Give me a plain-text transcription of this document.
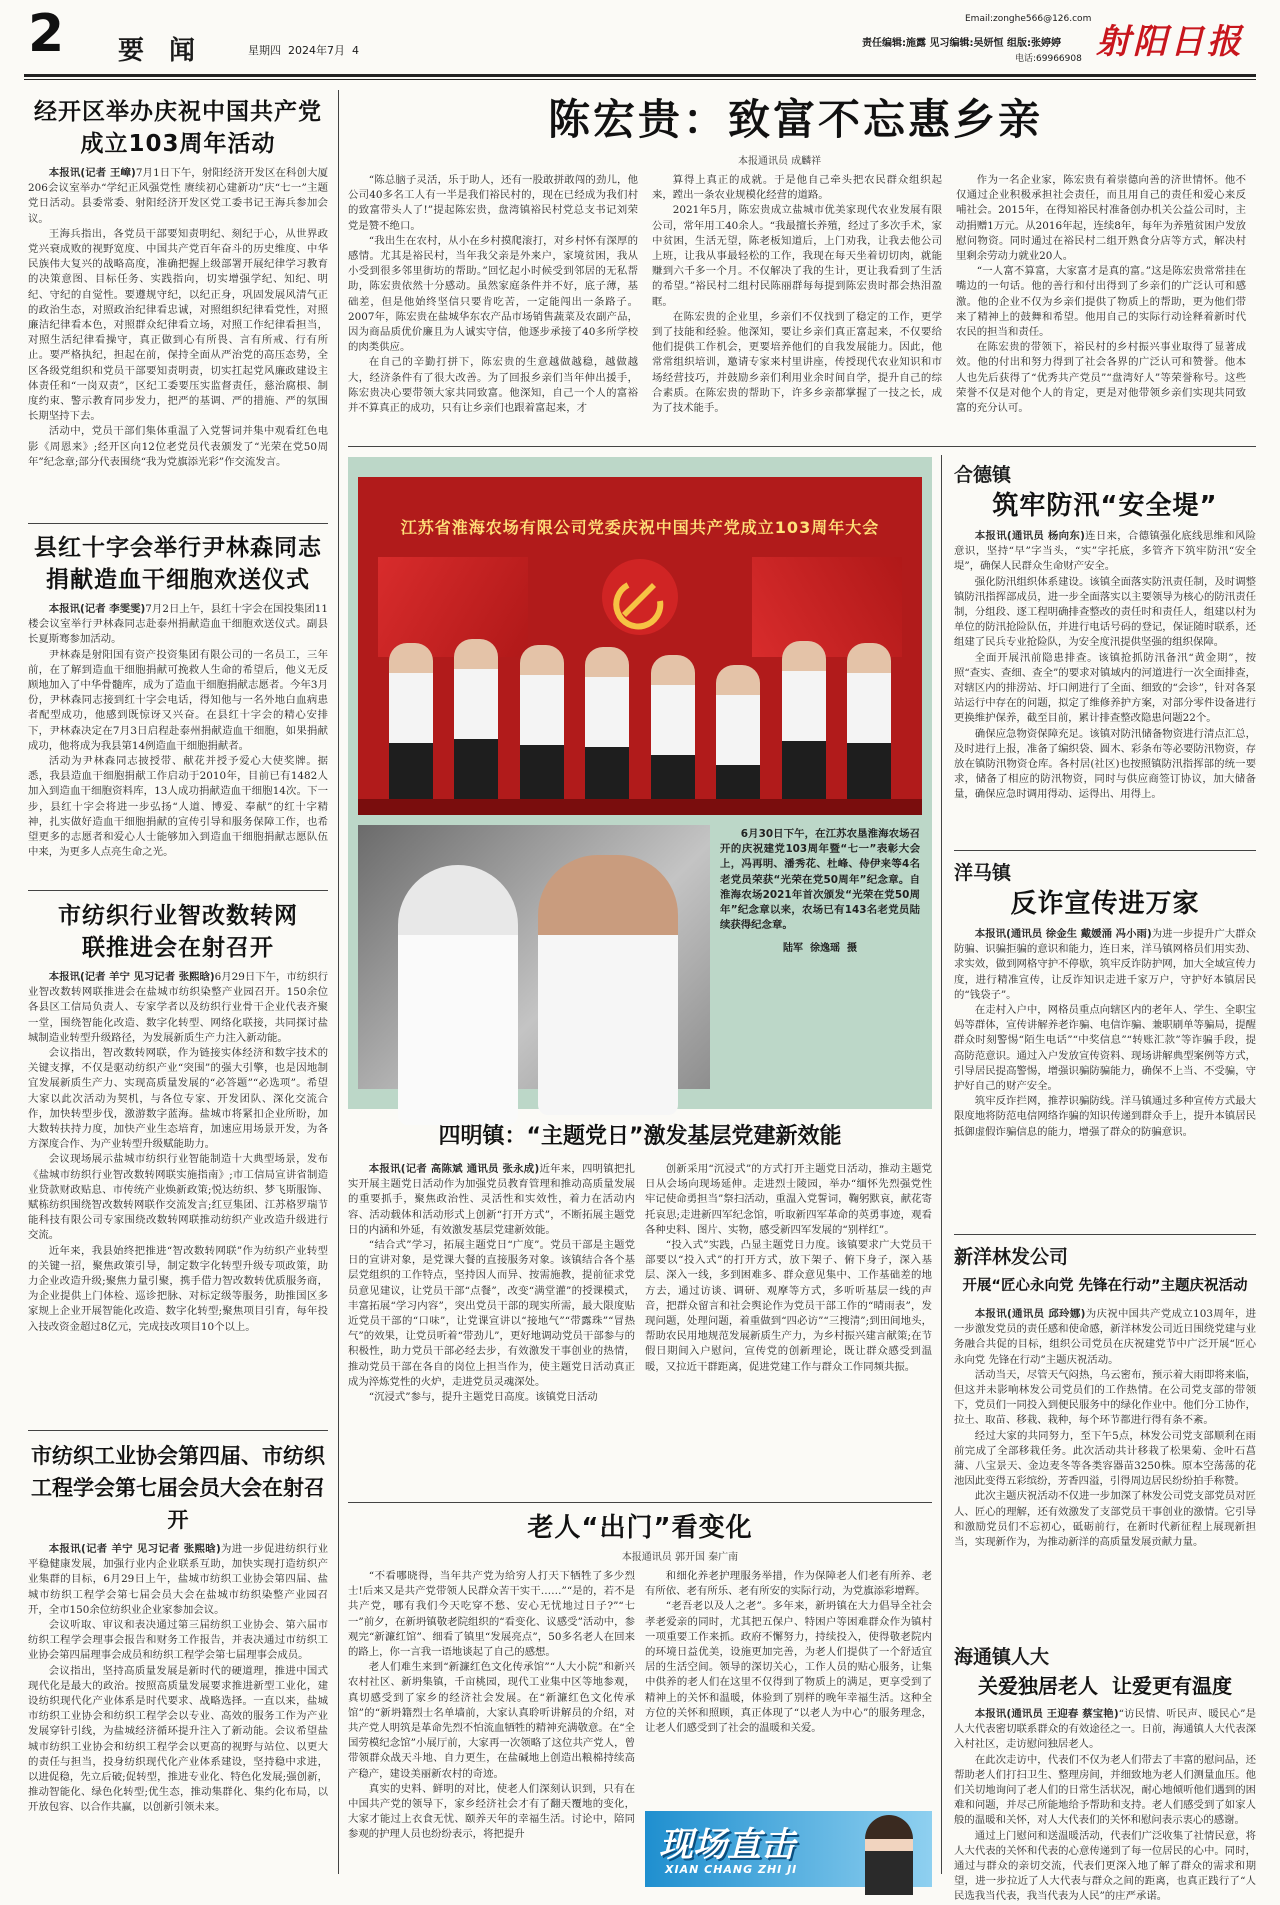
2 要 闻	星期四  2024年7月  4
Email:zonghe566@126.com
责任编辑:施露 见习编辑:吴妍恒 组版:张婷婷
电话:69966908 射阳日报
经开区举办庆祝中国共产党
成立103周年活动

本报讯(记者 王嶂)7月1日下午，射阳经济开发区在科创大厦206会议室举办“学纪正风强党性 赓续初心建新功”庆“七一”主题党日活动。县委常委、射阳经济开发区党工委书记王海兵参加会议。

王海兵指出，各党员干部要知责明纪、刻纪于心，从世界政党兴衰成败的视野宽度、中国共产党百年奋斗的历史维度、中华民族伟大复兴的战略高度，准确把握上级部署开展纪律学习教育的决策意图、目标任务、实践指向，切实增强学纪、知纪、明纪、守纪的自觉性。要遵规守纪，以纪正身，巩固发展风清气正的政治生态，对照政治纪律看忠诚，对照组织纪律看党性，对照廉洁纪律看本色，对照群众纪律看立场，对照工作纪律看担当，对照生活纪律看操守，真正做到心有所畏、言有所戒、行有所止。要严格执纪，担起在前，保持全面从严治党的高压态势，全区各级党组织和党员干部要知责明责，切实扛起党风廉政建设主体责任和“一岗双责”，区纪工委要压实监督责任，慈治腐根、制度约束、警示教育同步发力，把严的基调、严的措施、严的氛围长期坚持下去。

活动中，党员干部们集体重温了入党誓词并集中观看红色电影《周恩来》;经开区向12位老党员代表颁发了“光荣在党50周年”纪念章;部分代表围绕“我为党旗添光彩”作交流发言。

县红十字会举行尹林森同志
捐献造血干细胞欢送仪式

本报讯(记者 李雯雯)7月2日上午，县红十字会在国投集团11楼会议室举行尹林森同志赴泰州捐献造血干细胞欢送仪式。副县长夏斯骞参加活动。

尹林森是射阳国有资产投资集团有限公司的一名员工，三年前，在了解到造血干细胞捐献可挽救人生命的希望后，他义无反顾地加入了中华骨髓库，成为了造血干细胞捐献志愿者。今年3月份，尹林森同志接到红十字会电话，得知他与一名外地白血病患者配型成功，他感到既惊讶又兴奋。在县红十字会的精心安排下，尹林森决定在7月3日启程赴泰州捐献造血干细胞，如果捐献成功，他将成为我县第14例造血干细胞捐献者。

活动为尹林森同志披授带、献花并授予爱心大使奖牌。据悉，我县造血干细胞捐献工作启动于2010年，目前已有1482人加入到造血干细胞资料库，13人成功捐献造血干细胞14次。下一步，县红十字会将进一步弘扬“人道、博爱、奉献”的红十字精神，扎实做好造血干细胞捐献的宣传引导和服务保障工作，也希望更多的志愿者和爱心人士能够加入到造血干细胞捐献志愿队伍中来，为更多人点亮生命之光。

市纺织行业智改数转网
联推进会在射召开

本报讯(记者 羊宁 见习记者 张熙晗)6月29日下午，市纺织行业智改数转网联推进会在盐城市纺织染整产业园召开。150余位各县区工信局负责人、专家学者以及纺织行业骨干企业代表齐聚一堂，围绕智能化改造、数字化转型、网络化联接，共同探讨盐城制造业转型升级路径，为发展新质生产力注入新动能。

会议指出，智改数转网联，作为链接实体经济和数字技术的关键支撑，不仅是驱动纺织产业“突围”的强大引擎，也是因地制宜发展新质生产力、实现高质量发展的“必答题”“必选项”。希望大家以此次活动为契机，与各位专家、开发团队、深化交流合作，加快转型步伐，激游数字蓝海。盐城市将紧扣企业所盼，加大数转扶持力度，加快产业生态培育，加速应用场景开发，为各方深度合作、为产业转型升级赋能助力。

会议现场展示盐城市纺织行业智能制造十大典型场景，发布《盐城市纺织行业智改数转网联实施指南》;市工信局宣讲省制造业贷款财政贴息、市传统产业焕新政策;悦达纺织、梦飞斯服饰、赋栋纺织围绕智改数转网联作交流发言;红豆集团、江苏格罗瑞节能科技有限公司专家围绕改数转网联推动纺织产业改造升级进行交流。

近年来，我县始终把推进“智改数转网联”作为纺织产业转型的关键一招，聚焦政策引导，制定数字化转型升级专项政策，助力企业改造升级;聚焦力量引聚，携手借力智改数转优质服务商，为企业提供上门体检、巡诊把脉、对标定级等服务，助推国区多家规上企业开展智能化改造、数字化转型;聚焦项目引育，每年投入技改资金超过8亿元，完成技改项目10个以上。

市纺织工业协会第四届、市纺织
工程学会第七届会员大会在射召开

本报讯(记者 羊宁 见习记者 张熙晗)为进一步促进纺织行业平稳健康发展，加强行业内企业联系互助，加快实现打造纺织产业集群的目标，6月29日上午，盐城市纺织工业协会第四届、盐城市纺织工程学会第七届会员大会在盐城市纺织染整产业园召开，全市150余位纺织业企业家参加会议。

会议听取、审议和表决通过第三届纺织工业协会、第六届市纺织工程学会理事会报告和财务工作报告，并表决通过市纺织工业协会第四届理事会成员和纺织工程学会第七届理事会成员。

会议指出，坚持高质量发展是新时代的硬道理，推进中国式现代化是最大的政治。按照高质量发展要求推进新型工业化，建设纺织现代化产业体系是时代要求、战略选择。一直以来，盐城市纺织工业协会和纺织工程学会以专业、高效的服务工作为产业发展穿针引线，为盐城经济循环提升注入了新动能。会议希望盐城市纺织工业协会和纺织工程学会以更高的视野与站位、以更大的责任与担当，投身纺织现代化产业体系建设，坚持稳中求进，以进促稳，先立后破;促转型，推进专业化、特色化发展;强创新，推动智能化、绿色化转型;优生态，推动集群化、集约化布局，以开放包容、以合作共赢，以创新引领未来。

陈宏贵：致富不忘惠乡亲
本报通讯员 成麟祥

“陈总脑子灵活，乐于助人，还有一股敢拼敢闯的劲儿，他公司40多名工人有一半是我们裕民村的，现在已经成为我们村的致富带头人了!”提起陈宏贵，盘湾镇裕民村党总支书记刘荣党是赞不绝口。

“我出生在农村，从小在乡村摸爬滚打，对乡村怀有深厚的感情。尤其是裕民村，当年我父亲是外来户，家境贫困，我从小受到很多邻里街坊的帮助。”回忆起小时候受到邻居的无私帮助，陈宏贵依然十分感动。虽然家庭条件并不好，底子薄，基础差，但是他始终坚信只要肯吃苦，一定能闯出一条路子。2007年，陈宏贵在盐城华东农产品市场销售蔬菜及农副产品，因为商品质优价廉且为人诚实守信，他逐步承接了40多所学校的肉类供应。

在自己的辛勤打拼下，陈宏贵的生意越做越稳，越做越大，经济条件有了很大改善。为了回报乡亲们当年伸出援手，陈宏贵决心要带领大家共同致富。他深知，自己一个人的富裕并不算真正的成功，只有让乡亲们也跟着富起来，才

算得上真正的成就。于是他自己牵头把农民群众组织起来，蹚出一条农业规模化经营的道路。

2021年5月，陈宏贵成立盐城市优美家现代农业发展有限公司，常年用工40余人。“我最擅长养殖，经过了多次手术，家中贫困，生活无望，陈老板知道后，上门劝我，让我去他公司上班，让我从事最轻松的工作，我现在每天坐着切切肉，就能赚到六千多一个月。不仅解决了我的生计，更让我看到了生活的希望。”裕民村二组村民陈丽群每每提到陈宏贵时都会热泪盈眶。

在陈宏贵的企业里，乡亲们不仅找到了稳定的工作，更学到了技能和经验。他深知，要让乡亲们真正富起来，不仅要给他们提供工作机会，更要培养他们的自我发展能力。因此，他常常组织培训，邀请专家来村里讲座，传授现代农业知识和市场经营技巧，并鼓励乡亲们利用业余时间自学，提升自己的综合素质。在陈宏贵的帮助下，许多乡亲都掌握了一技之长，成为了技术能手。

作为一名企业家，陈宏贵有着崇德向善的济世情怀。他不仅通过企业积极承担社会责任，而且用自己的责任和爱心来反哺社会。2015年，在得知裕民村准备创办机关公益公司时，主动捐赠1万元。从2016年起，连续8年，每年为养殖贫困户发放慰问物资。同时通过在裕民村二组开熟食分店等方式，解决村里剩余劳动力就业20人。

“一人富不算富，大家富才是真的富。”这是陈宏贵常常挂在嘴边的一句话。他的善行和付出得到了乡亲们的广泛认可和感激。他的企业不仅为乡亲们提供了物质上的帮助，更为他们带来了精神上的鼓舞和希望。他用自己的实际行动诠释着新时代农民的担当和责任。

在陈宏贵的带领下，裕民村的乡村振兴事业取得了显著成效。他的付出和努力得到了社会各界的广泛认可和赞誉。他本人也先后获得了“优秀共产党员”“盘湾好人”等荣誉称号。这些荣誉不仅是对他个人的肯定，更是对他带领乡亲们实现共同致富的充分认可。

江苏省淮海农场有限公司党委庆祝中国共产党成立103周年大会
6月30日下午，在江苏农垦淮海农场召开的庆祝建党103周年暨“七一”表彰大会上，冯再明、潘秀花、杜峰、侍伊来等4名老党员荣获“光荣在党50周年”纪念章。自淮海农场2021年首次颁发“光荣在党50周年”纪念章以来，农场已有143名老党员陆续获得纪念章。
陆军  徐逸瑶  摄
四明镇：“主题党日”激发基层党建新效能

本报讯(记者 高陈斌 通讯员 张永成)近年来，四明镇把扎实开展主题党日活动作为加强党员教育管理和推动高质量发展的重要抓手，聚焦政治性、灵活性和实效性，着力在活动内容、活动载体和活动形式上创新“打开方式”，不断拓展主题党日的内涵和外延，有效激发基层党建新效能。

“结合式”学习，拓展主题党日“广度”。党员干部是主题党日的宣讲对象，是党课大餐的直接服务对象。该镇结合各个基层党组织的工作特点，坚持因人而异、按需施教，提前征求党员意见建议，让党员干部“点餐”，改变“满堂灌”的授课模式，丰富拓展“学习内容”，突出党员干部的现实所需，最大限度贴近党员干部的“口味”，让党课宣讲以“接地气”“带露珠”“冒热气”的效果，让党员听着“带劲儿”，更好地调动党员干部参与的积极性，助力党员干部必经去步，有效激发干事创业的热情，推动党员干部在各自的岗位上担当作为，使主题党日活动真正成为淬炼党性的火炉，走进党员灵魂深处。

“沉浸式”参与，提升主题党日高度。该镇党日活动

创新采用“沉浸式”的方式打开主题党日活动，推动主题党日从会场向现场延伸。走进烈士陵园，举办“缅怀先烈强党性 牢记使命勇担当”祭扫活动，重温入党誓词，鞠躬默哀，献花寄托哀思;走进新四军纪念馆，听取新四军革命的英勇事迹，观看各种史料、图片、实物，感受新四军发展的“别样红”。

“投入式”实践，凸显主题党日力度。该镇要求广大党员干部要以“投入式”的打开方式，放下架子、俯下身子，深入基层、深入一线，多到困难多、群众意见集中、工作基础差的地方去，通过访谈、调研、观摩等方式，多听听基层一线的声音，把群众留言和社会舆论作为党员干部工作的“晴雨表”，发现问题，处理问题，着重做到“四必访”“三搜清”;到田间地头，帮助农民用地规范发展新质生产力，为乡村振兴建言献策;在节假日期间入户慰问，宣传党的创新理论，既让群众感受到温暖，又拉近干群距离，促进党建工作与群众工作同频共振。

老人“出门”看变化
本报通讯员 郭开国 秦广南

“不看哪晓得，当年共产党为给穷人打天下牺牲了多少烈士!后来又是共产党带领人民群众苦干实干……”“是的，若不是共产党，哪有我们今天吃穿不愁、安心无忧地过日子?”“七一”前夕，在新坍镇敬老院组织的“看变化、议感受”活动中，参观完“新濂红馆”、细看了镇里“发展亮点”，50多名老人在回来的路上，你一言我一语地谈起了自己的感想。

老人们难生来到“新濂红色文化传承馆”“人大小院”和新兴农村社区、新坍集镇，千亩桃园，现代工业集中区等地参观，真切感受到了家乡的经济社会发展。在“新濂红色文化传承馆”的“新坍籍烈士名单墙前，大家认真聆听讲解员的介绍，对共产党人明筑是革命先烈不怕流血牺牲的精神充满敬意。在“全国劳模纪念馆”小展厅前，大家再一次领略了这位共产党人，曾带领群众战天斗地、自力更生，在盐碱地上创造出粮棉持续高产稳产，建设美丽新农村的奇迹。

真实的史料、鲜明的对比，使老人们深刻认识到，只有在中国共产党的领导下，家乡经济社会才有了翻天覆地的变化，大家才能过上衣食无忧、颐养天年的幸福生活。讨论中，陪同参观的护理人员也纷纷表示，将把提升

和细化养老护理服务举措，作为保障老人们老有所养、老有所依、老有所乐、老有所安的实际行动，为党旗添彩增辉。

“老吾老以及人之老”。多年来，新坍镇在大力倡导全社会孝老爱亲的同时，尤其把五保户、特困户等困难群众作为镇村一项重要工作来抓。政府不懈努力，持续投入，使得敬老院内的环境日益优美，设施更加完善，为老人们提供了一个舒适宜居的生活空间。领导的深切关心，工作人员的贴心服务，让集中供养的老人们在这里不仅得到了物质上的满足，更享受到了精神上的关怀和温暖，体验到了别样的晚年幸福生活。这种全方位的关怀和照顾，真正体现了“以老人为中心”的服务理念，让老人们感受到了社会的温暖和关爱。

现场直击
XIAN CHANG ZHI JI
合德镇
筑牢防汛“安全堤”

本报讯(通讯员 杨向东)连日来，合德镇强化底线思维和风险意识，坚持“早”字当头，“实”字托底，多管齐下筑牢防汛“安全堤”，确保人民群众生命财产安全。

强化防汛组织体系建设。该镇全面落实防汛责任制，及时调整镇防汛指挥部成员，进一步全面落实以主要领导为核心的防汛责任制，分组段、逐工程明确排查整改的责任时和责任人，组建以村为单位的防汛抢险队伍，并进行电话号码的登记，保证随时联系，还组建了民兵专业抢险队，为安全度汛提供坚强的组织保障。

全面开展汛前隐患排查。该镇抢抓防汛备汛“黄金期”，按照“查实、查细、查全”的要求对镇域内的河道进行一次全面排查，对辖区内的排涝站、圩口闸进行了全面、细致的“会诊”，针对各泵站运行中存在的问题，拟定了维修养护方案，对部分零件设备进行更换维护保养，截至目前，累计排查整改隐患问题22个。

确保应急物资保障充足。该镇对防汛储备物资进行清点汇总，及时进行上报，准备了编织袋、圆木、彩条布等必要防汛物资，存放在镇防汛物资仓库。各村居(社区)也按照镇防汛指挥部的统一要求，储备了相应的防汛物资，同时与供应商签订协议，加大储备量，确保应急时调用得动、运得出、用得上。

洋马镇
反诈宣传进万家

本报讯(通讯员 徐金生 戴媛涌 冯小雨)为进一步提升广大群众防骗、识骗拒骗的意识和能力，连日来，洋马镇网格员们用实劲、求实效，做到网格守护不停歇，筑牢反诈防护网，加大全域宣传力度，进行精准宣传，让反诈知识走进千家万户，守护好本镇居民的“钱袋子”。

在走村入户中，网格员重点向辖区内的老年人、学生、全职宝妈等群体，宣传讲解养老诈骗、电信诈骗、兼职刷单等骗局，提醒群众时刻警惕“陌生电话”“中奖信息”“转账汇款”等诈骗手段，提高防范意识。通过入户发放宣传资料、现场讲解典型案例等方式，引导居民提高警惕，增强识骗防骗能力，确保不上当、不受骗，守护好自己的财产安全。

筑牢反诈拦网，推荐识骗防线。洋马镇通过多种宣传方式最大限度地将防范电信网络诈骗的知识传递到群众手上，提升本镇居民抵御虚假诈骗信息的能力，增强了群众的防骗意识。

新洋林发公司
开展“匠心永向党 先锋在行动”主题庆祝活动

本报讯(通讯员 邱玲娜)为庆祝中国共产党成立103周年，进一步激发党员的责任感和使命感，新洋林发公司近日围绕党建与业务融合共促的目标，组织公司党员在庆祝建党节中广泛开展“匠心永向党 先锋在行动”主题庆祝活动。

活动当天，尽管天气闷热，乌云密布，预示着大雨即将来临，但这并未影响林发公司党员们的工作热情。在公司党支部的带领下，党员们一同投入到便民服务中的绿化作业中。他们分工协作，拉土、取苗、移栽、栽种，每个环节都进行得有条不紊。

经过大家的共同努力，至下午5点，林发公司党支部顺利在雨前完成了全部移栽任务。此次活动共计移栽了松果菊、金叶石菖蒲、八宝景天、金边麦冬等各类容器苗3250株。原本空荡荡的花池因此变得五彩缤纷，芳香四溢，引得周边居民纷纷拍手称赞。

此次主题庆祝活动不仅进一步加深了林发公司党支部党员对匠人、匠心的理解，还有效激发了支部党员干事创业的激情。它引导和激励党员们不忘初心，砥砺前行，在新时代新征程上展现新担当，实现新作为，为推动新洋的高质量发展贡献力量。

海通镇人大
关爱独居老人  让爱更有温度

本报讯(通讯员 王迎春 蔡宝艳)“访民情、听民声、暖民心”是人大代表密切联系群众的有效途径之一。日前，海通镇人大代表深入村社区，走访慰问独居老人。

在此次走访中，代表们不仅为老人们带去了丰富的慰问品，还帮助老人们打扫卫生、整理房间，并细致地为老人们测量血压。他们关切地询问了老人们的日常生活状况，耐心地倾听他们遇到的困难和问题，并尽己所能地给予帮助和支持。老人们感受到了如家人般的温暖和关怀，对人大代表们的关怀和慰问表示衷心的感谢。

通过上门慰问和送温暖活动，代表们广泛收集了社情民意，将人大代表的关怀和代表的心意传递到了每一位居民的心中。同时，通过与群众的亲切交流，代表们更深入地了解了群众的需求和期望，进一步拉近了人大代表与群众之间的距离，也真正践行了“人民选我当代表，我当代表为人民”的庄严承诺。
